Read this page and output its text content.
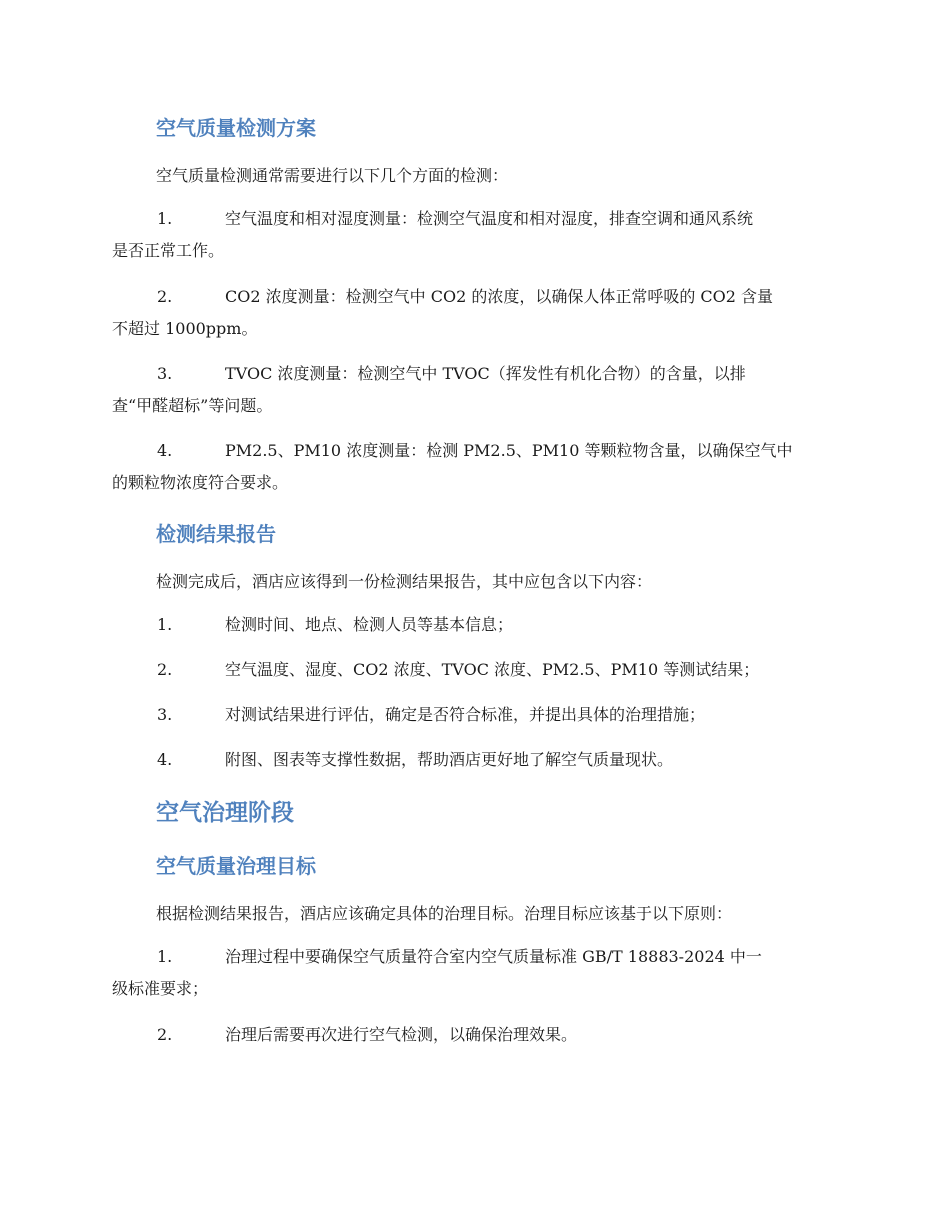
空气质量检测方案
空气质量检测通常需要进行以下几个方面的检测：
1.	空气温度和相对湿度测量：检测空气温度和相对湿度，排查空调和通风系统
是否正常工作。
2.	CO2 浓度测量：检测空气中 CO2 的浓度，以确保人体正常呼吸的 CO2 含量
不超过 1000ppm。
3.	TVOC 浓度测量：检测空气中 TVOC（挥发性有机化合物）的含量，以排
查“甲醛超标”等问题。
4.	PM2.5、PM10 浓度测量：检测 PM2.5、PM10 等颗粒物含量，以确保空气中
的颗粒物浓度符合要求。
检测结果报告
检测完成后，酒店应该得到一份检测结果报告，其中应包含以下内容：
1.	检测时间、地点、检测人员等基本信息；
2.	空气温度、湿度、CO2 浓度、TVOC 浓度、PM2.5、PM10 等测试结果；
3.	对测试结果进行评估，确定是否符合标准，并提出具体的治理措施；
4.	附图、图表等支撑性数据，帮助酒店更好地了解空气质量现状。
空气治理阶段
空气质量治理目标
根据检测结果报告，酒店应该确定具体的治理目标。治理目标应该基于以下原则：
1.	治理过程中要确保空气质量符合室内空气质量标准 GB/T 18883-2024 中一
级标准要求；
2.	治理后需要再次进行空气检测，以确保治理效果。
